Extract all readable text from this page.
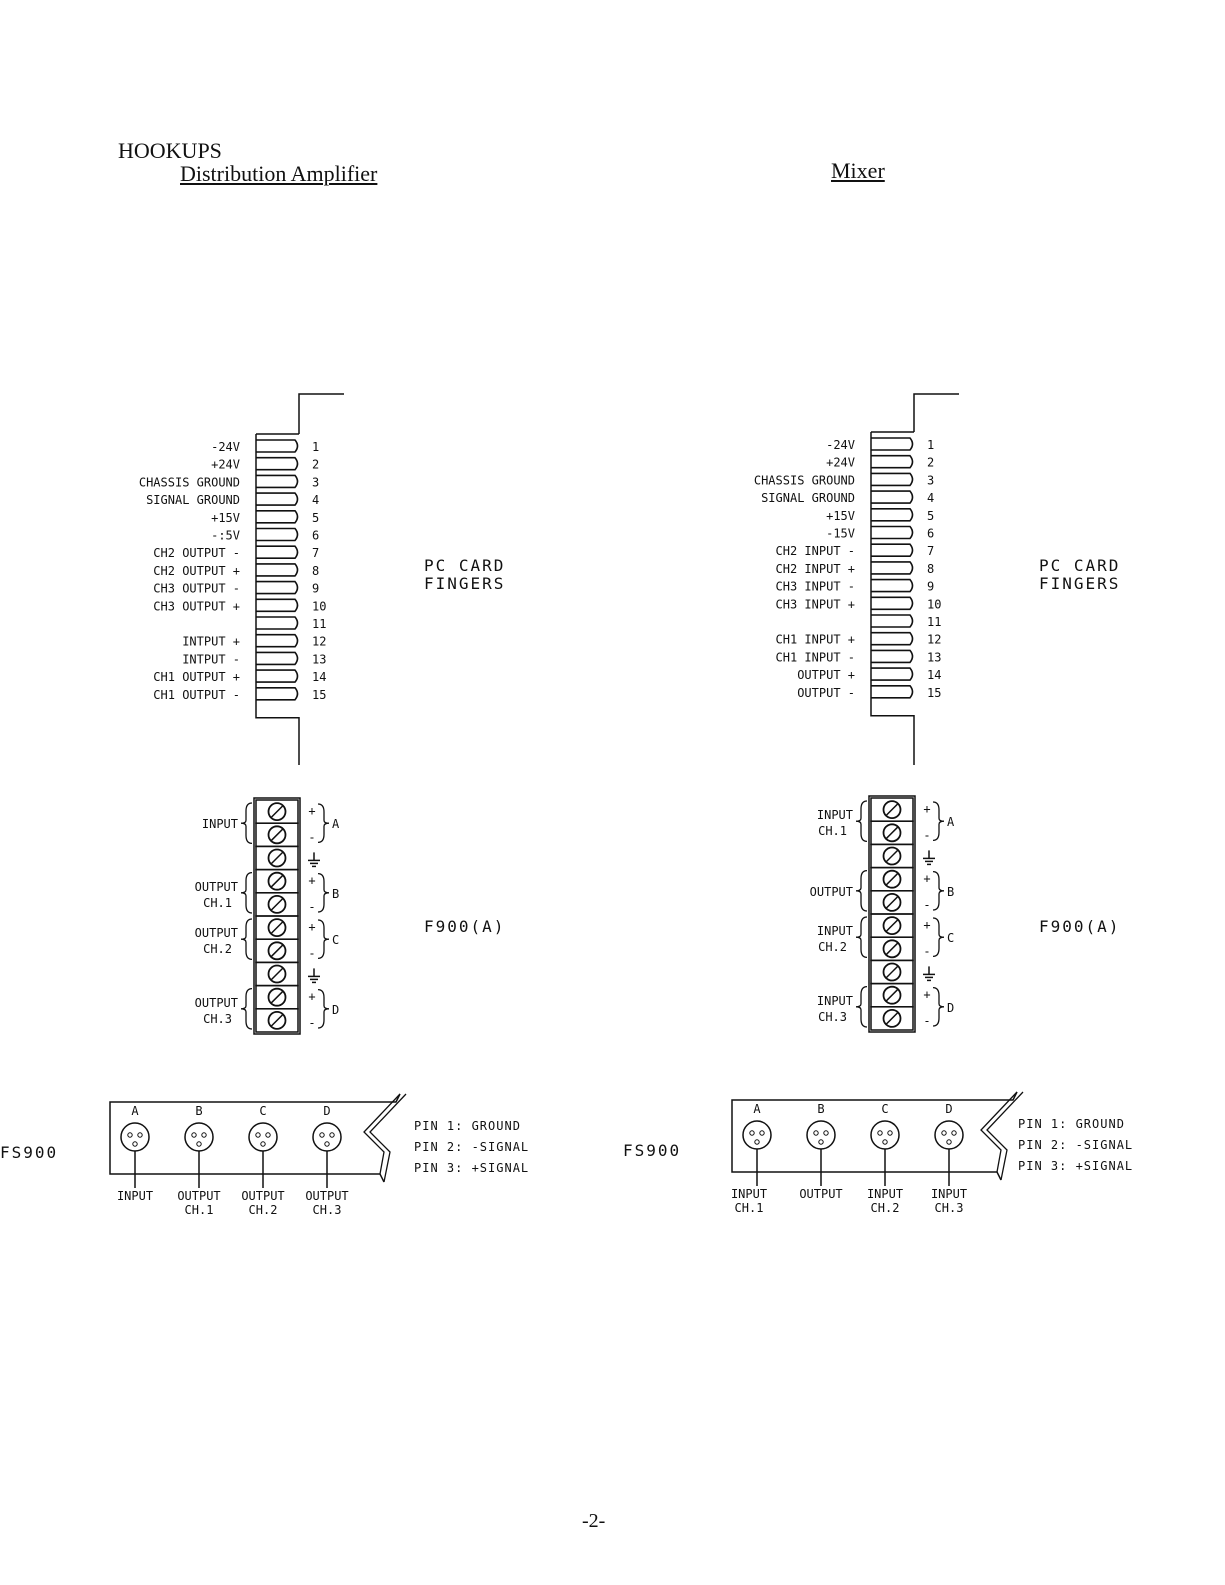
HOOKUPS
Distribution Amplifier	Mixer
1
-24V
2
+24V
3
CHASSIS GROUND
4
SIGNAL GROUND
5
+15V
6
-:5V
7
CH2 OUTPUT -
8
CH2 OUTPUT +
9
CH3 OUTPUT -
10
CH3 OUTPUT +
11
12
INTPUT +
13
INTPUT -
14
CH1 OUTPUT +
15
CH1 OUTPUT -
PC CARD
FINGERS
+
-
A
INPUT
+
-
B
OUTPUT
CH.1
+
-
C
OUTPUT
CH.2
+
-
D
OUTPUT
CH.3
F900(A)
A
INPUT
B
OUTPUT
CH.1
C
OUTPUT
CH.2
D
OUTPUT
CH.3
FS900
PIN 1: GROUND
PIN 2: -SIGNAL
PIN 3: +SIGNAL
1
-24V
2
+24V
3
CHASSIS GROUND
4
SIGNAL GROUND
5
+15V
6
-15V
7
CH2 INPUT -
8
CH2 INPUT +
9
CH3 INPUT -
10
CH3 INPUT +
11
12
CH1 INPUT +
13
CH1 INPUT -
14
OUTPUT +
15
OUTPUT -
PC CARD
FINGERS
+
-
A
INPUT
CH.1
+
-
B
OUTPUT
+
-
C
INPUT
CH.2
+
-
D
INPUT
CH.3
F900(A)
A
INPUT
CH.1
B
OUTPUT
C
INPUT
CH.2
D
INPUT
CH.3
FS900
PIN 1: GROUND
PIN 2: -SIGNAL
PIN 3: +SIGNAL
-2-
